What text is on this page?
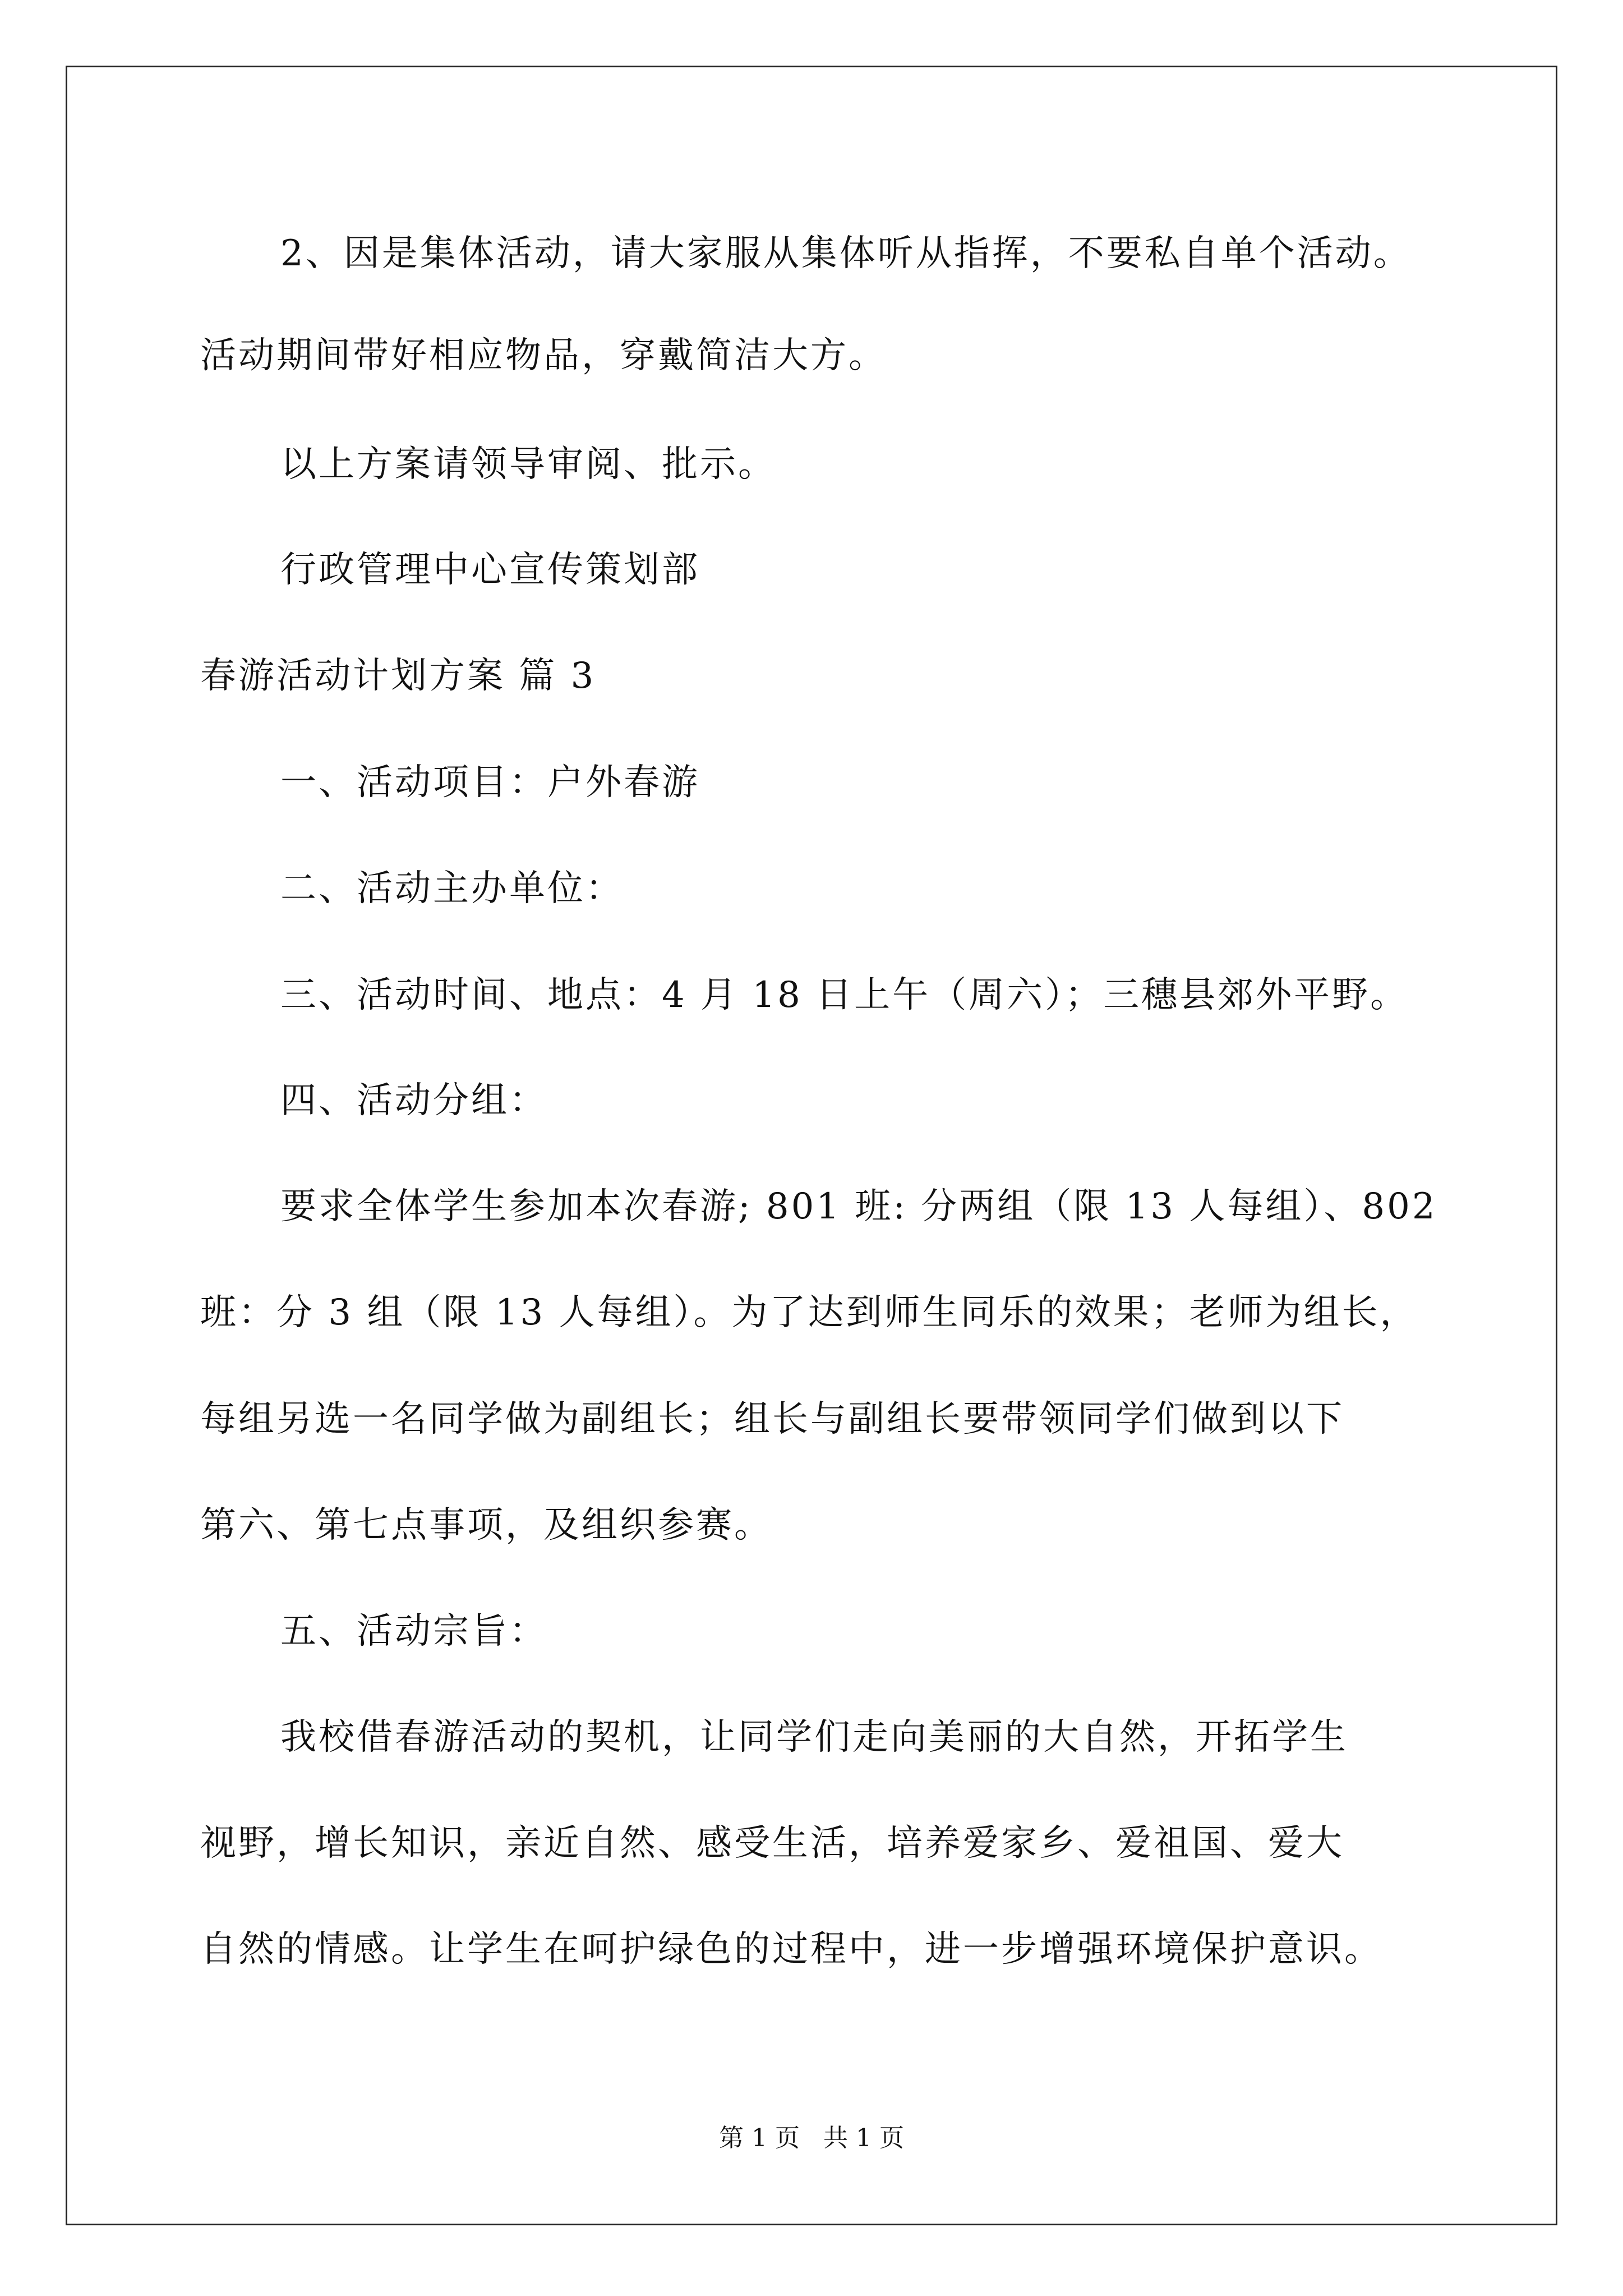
2、因是集体活动，请大家服从集体听从指挥，不要私自单个活动。
活动期间带好相应物品，穿戴简洁大方。
以上方案请领导审阅、批示。
行政管理中心宣传策划部
春游活动计划方案 篇 3
一、活动项目：户外春游
二、活动主办单位：
三、活动时间、地点：4 月 18 日上午（周六）；三穗县郊外平野。
四、活动分组：
要求全体学生参加本次春游; 801 班: 分两组（限 13 人每组）、802
班：分 3 组（限 13 人每组）。为了达到师生同乐的效果；老师为组长，
每组另选一名同学做为副组长；组长与副组长要带领同学们做到以下
第六、第七点事项，及组织参赛。
五、活动宗旨：
我校借春游活动的契机，让同学们走向美丽的大自然，开拓学生
视野，增长知识，亲近自然、感受生活，培养爱家乡、爱祖国、爱大
自然的情感。让学生在呵护绿色的过程中，进一步增强环境保护意识。
第 1 页   共 1 页
